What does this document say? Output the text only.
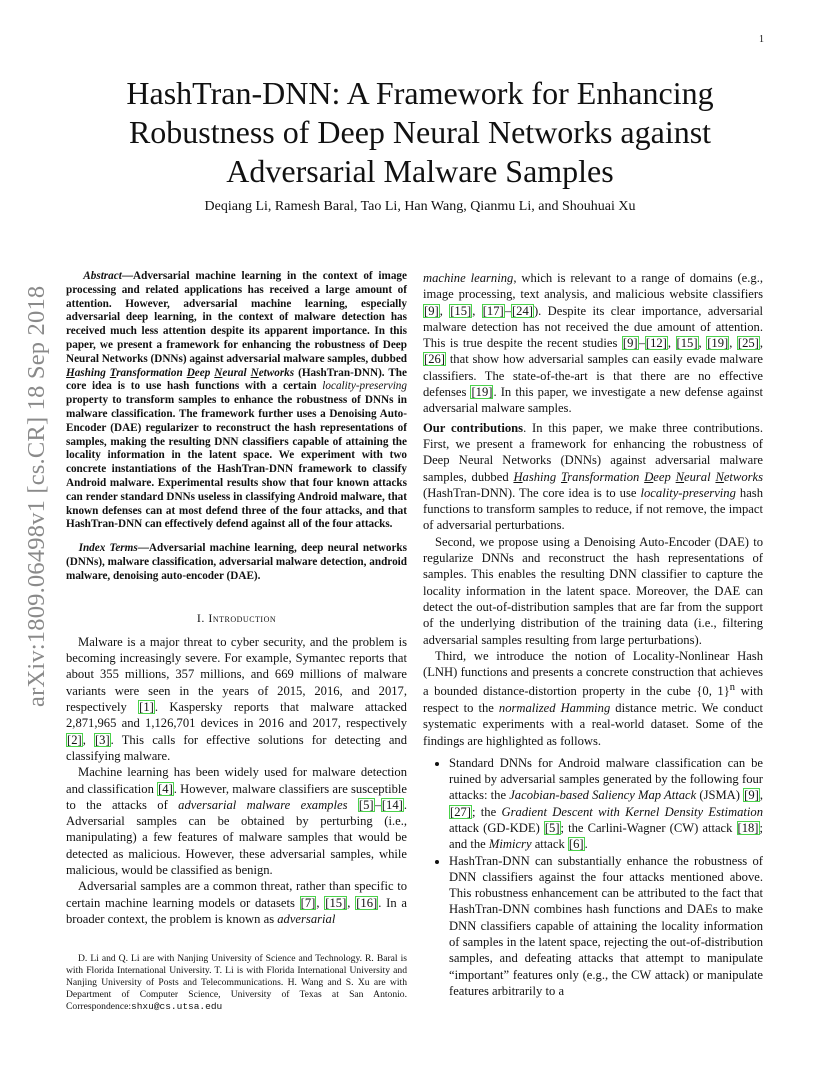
1
arXiv:1809.06498v1 [cs.CR] 18 Sep 2018
HashTran-DNN: A Framework for Enhancing Robustness of Deep Neural Networks against Adversarial Malware Samples
Deqiang Li, Ramesh Baral, Tao Li, Han Wang, Qianmu Li, and Shouhuai Xu
Abstract—Adversarial machine learning in the context of image processing and related applications has received a large amount of attention. However, adversarial machine learning, especially adversarial deep learning, in the context of malware detection has received much less attention despite its apparent importance. In this paper, we present a framework for enhancing the robustness of Deep Neural Networks (DNNs) against adversarial malware samples, dubbed Hashing Transformation Deep Neural Networks (HashTran-DNN). The core idea is to use hash functions with a certain locality-preserving property to transform samples to enhance the robustness of DNNs in malware classification. The framework further uses a Denoising Auto-Encoder (DAE) regularizer to reconstruct the hash representations of samples, making the resulting DNN classifiers capable of attaining the locality information in the latent space. We experiment with two concrete instantiations of the HashTran-DNN framework to classify Android malware. Experimental results show that four known attacks can render standard DNNs useless in classifying Android malware, that known defenses can at most defend three of the four attacks, and that HashTran-DNN can effectively defend against all of the four attacks.
Index Terms—Adversarial machine learning, deep neural networks (DNNs), malware classification, adversarial malware detection, android malware, denoising auto-encoder (DAE).
I. Introduction

Malware is a major threat to cyber security, and the problem is becoming increasingly severe. For example, Symantec reports that about 355 millions, 357 millions, and 669 millions of malware variants were seen in the years of 2015, 2016, and 2017, respectively [1]. Kaspersky reports that malware attacked 2,871,965 and 1,126,701 devices in 2016 and 2017, respectively [2], [3]. This calls for effective solutions for detecting and classifying malware.

Machine learning has been widely used for malware detection and classification [4]. However, malware classifiers are susceptible to the attacks of adversarial malware examples [5]–[14]. Adversarial samples can be obtained by perturbing (i.e., manipulating) a few features of malware samples that would be detected as malicious. However, these adversarial samples, while malicious, would be classified as benign.

Adversarial samples are a common threat, rather than specific to certain machine learning models or datasets [7], [15], [16]. In a broader context, the problem is known as adversarial

D. Li and Q. Li are with Nanjing University of Science and Technology. R. Baral is with Florida International University. T. Li is with Florida International University and Nanjing University of Posts and Telecommunications. H. Wang and S. Xu are with Department of Computer Science, University of Texas at San Antonio. Correspondence:shxu@cs.utsa.edu

machine learning, which is relevant to a range of domains (e.g., image processing, text analysis, and malicious website classifiers [9], [15], [17]–[24]). Despite its clear importance, adversarial malware detection has not received the due amount of attention. This is true despite the recent studies [9]–[12], [15], [19], [25], [26] that show how adversarial samples can easily evade malware classifiers. The state-of-the-art is that there are no effective defenses [19]. In this paper, we investigate a new defense against adversarial malware samples.

Our contributions. In this paper, we make three contributions. First, we present a framework for enhancing the robustness of Deep Neural Networks (DNNs) against adversarial malware samples, dubbed Hashing Transformation Deep Neural Networks (HashTran-DNN). The core idea is to use locality-preserving hash functions to transform samples to reduce, if not remove, the impact of adversarial perturbations.

Second, we propose using a Denoising Auto-Encoder (DAE) to regularize DNNs and reconstruct the hash representations of samples. This enables the resulting DNN classifier to capture the locality information in the latent space. Moreover, the DAE can detect the out-of-distribution samples that are far from the support of the underlying distribution of the training data (i.e., filtering adversarial samples resulting from large perturbations).

Third, we introduce the notion of Locality-Nonlinear Hash (LNH) functions and presents a concrete construction that achieves a bounded distance-distortion property in the cube {0, 1}$^n$ with respect to the normalized Hamming distance metric. We conduct systematic experiments with a real-world dataset. Some of the findings are highlighted as follows.

• Standard DNNs for Android malware classification can be ruined by adversarial samples generated by the following four attacks: the Jacobian-based Saliency Map Attack (JSMA) [9], [27]; the Gradient Descent with Kernel Density Estimation attack (GD-KDE) [5]; the Carlini-Wagner (CW) attack [18]; and the Mimicry attack [6].
• HashTran-DNN can substantially enhance the robustness of DNN classifiers against the four attacks mentioned above. This robustness enhancement can be attributed to the fact that HashTran-DNN combines hash functions and DAEs to make DNN classifiers capable of attaining the locality information of samples in the latent space, rejecting the out-of-distribution samples, and defeating attacks that attempt to manipulate “important” features only (e.g., the CW attack) or manipulate features arbitrarily to a
